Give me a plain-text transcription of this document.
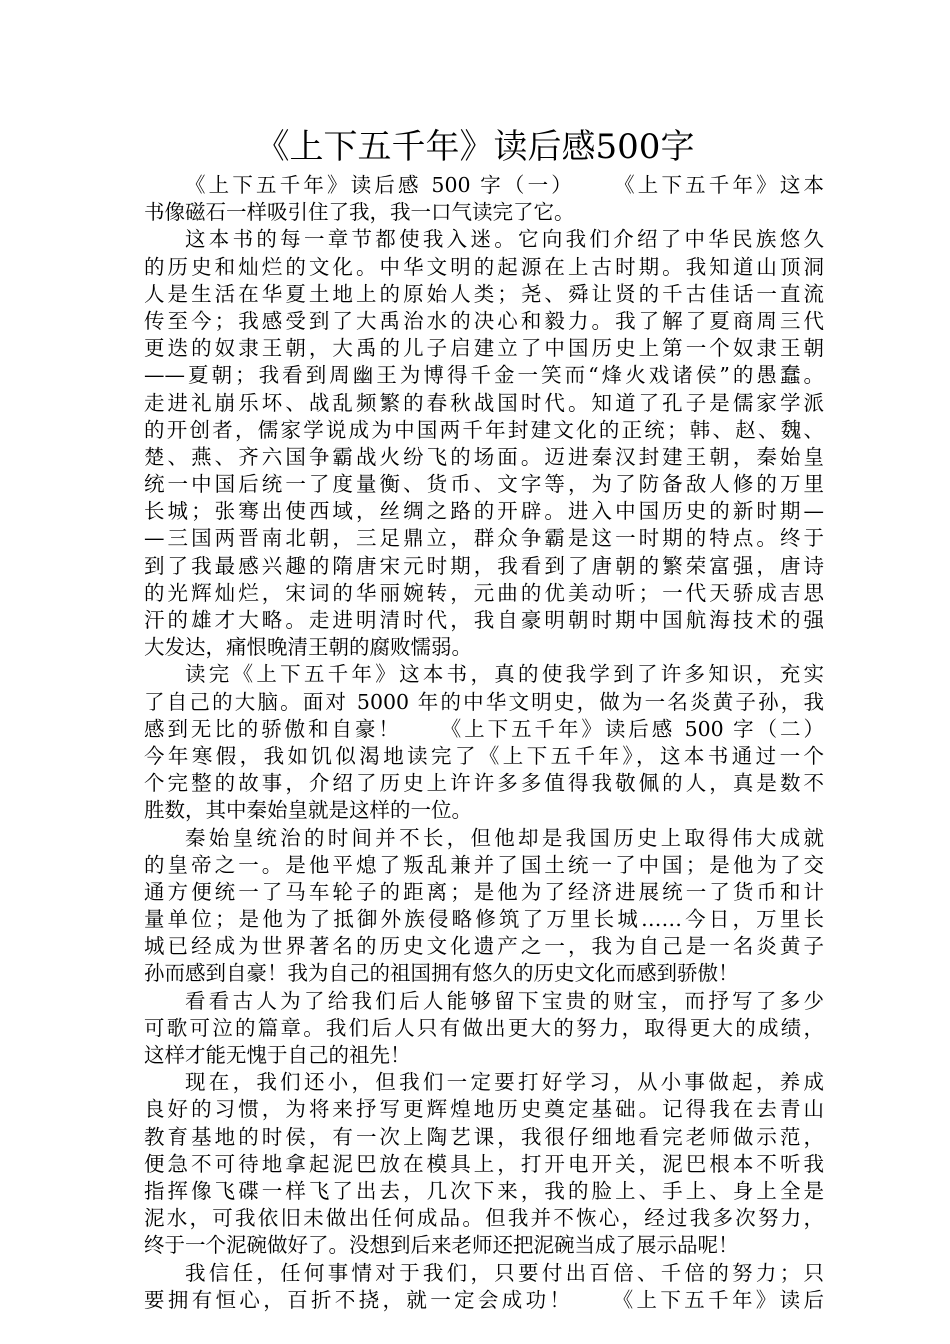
《上下五千年》读后感500字
《上下五千年》读后感 500 字（一） 《上下五千年》这本
书像磁石一样吸引住了我，我一口气读完了它。
这本书的每一章节都使我入迷。它向我们介绍了中华民族悠久
的历史和灿烂的文化。中华文明的起源在上古时期。我知道山顶洞
人是生活在华夏土地上的原始人类；尧、舜让贤的千古佳话一直流
传至今；我感受到了大禹治水的决心和毅力。我了解了夏商周三代
更迭的奴隶王朝，大禹的儿子启建立了中国历史上第一个奴隶王朝
——夏朝；我看到周幽王为博得千金一笑而“烽火戏诸侯”的愚蠢。
走进礼崩乐坏、战乱频繁的春秋战国时代。知道了孔子是儒家学派
的开创者，儒家学说成为中国两千年封建文化的正统；韩、赵、魏、
楚、燕、齐六国争霸战火纷飞的场面。迈进秦汉封建王朝，秦始皇
统一中国后统一了度量衡、货币、文字等，为了防备敌人修的万里
长城；张骞出使西域，丝绸之路的开辟。进入中国历史的新时期—
—三国两晋南北朝，三足鼎立，群众争霸是这一时期的特点。终于
到了我最感兴趣的隋唐宋元时期，我看到了唐朝的繁荣富强，唐诗
的光辉灿烂，宋词的华丽婉转，元曲的优美动听；一代天骄成吉思
汗的雄才大略。走进明清时代，我自豪明朝时期中国航海技术的强
大发达，痛恨晚清王朝的腐败懦弱。
读完《上下五千年》这本书，真的使我学到了许多知识，充实
了自己的大脑。面对 5000 年的中华文明史，做为一名炎黄子孙，我
感到无比的骄傲和自豪！ 《上下五千年》读后感 500 字（二）
今年寒假，我如饥似渴地读完了《上下五千年》，这本书通过一个
个完整的故事，介绍了历史上许许多多值得我敬佩的人，真是数不
胜数，其中秦始皇就是这样的一位。
秦始皇统治的时间并不长，但他却是我国历史上取得伟大成就
的皇帝之一。是他平熄了叛乱兼并了国土统一了中国；是他为了交
通方便统一了马车轮子的距离；是他为了经济进展统一了货币和计
量单位；是他为了抵御外族侵略修筑了万里长城……今日，万里长
城已经成为世界著名的历史文化遗产之一，我为自己是一名炎黄子
孙而感到自豪！我为自己的祖国拥有悠久的历史文化而感到骄傲！
看看古人为了给我们后人能够留下宝贵的财宝，而抒写了多少
可歌可泣的篇章。我们后人只有做出更大的努力，取得更大的成绩，
这样才能无愧于自己的祖先！
现在，我们还小，但我们一定要打好学习，从小事做起，养成
良好的习惯，为将来抒写更辉煌地历史奠定基础。记得我在去青山
教育基地的时侯，有一次上陶艺课，我很仔细地看完老师做示范，
便急不可待地拿起泥巴放在模具上，打开电开关，泥巴根本不听我
指挥像飞碟一样飞了出去，几次下来，我的脸上、手上、身上全是
泥水，可我依旧未做出任何成品。但我并不恢心，经过我多次努力，
终于一个泥碗做好了。没想到后来老师还把泥碗当成了展示品呢！
我信任，任何事情对于我们，只要付出百倍、千倍的努力；只
要拥有恒心，百折不挠，就一定会成功！ 《上下五千年》读后
